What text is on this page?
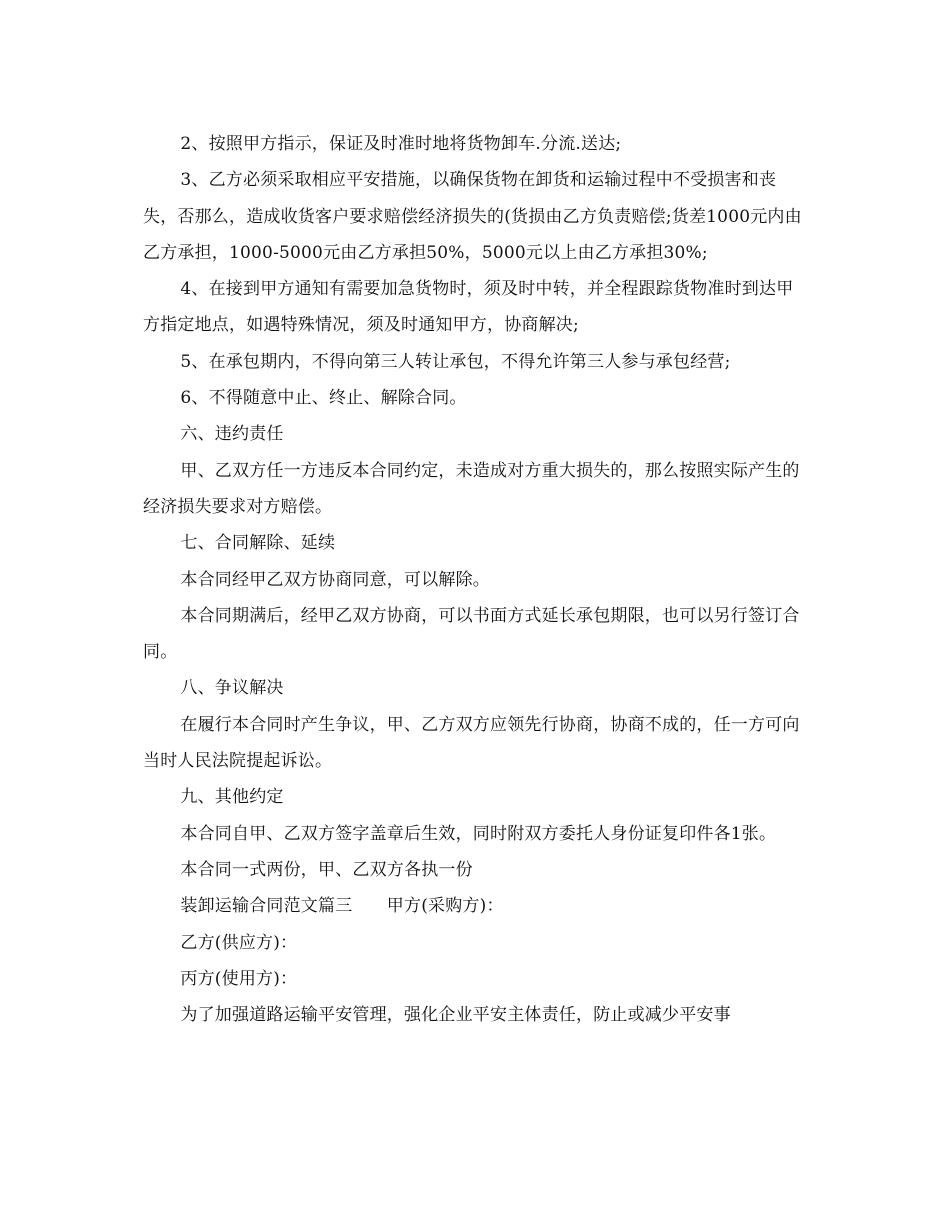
2、按照甲方指示，保证及时准时地将货物卸车.分流.送达;

3、乙方必须采取相应平安措施，以确保货物在卸货和运输过程中不受损害和丧失，否那么，造成收货客户要求赔偿经济损失的(货损由乙方负责赔偿;货差1000元内由乙方承担，1000-5000元由乙方承担50%，5000元以上由乙方承担30%;

4、在接到甲方通知有需要加急货物时，须及时中转，并全程跟踪货物准时到达甲方指定地点，如遇特殊情况，须及时通知甲方，协商解决;

5、在承包期内，不得向第三人转让承包，不得允许第三人参与承包经营;

6、不得随意中止、终止、解除合同。

六、违约责任

甲、乙双方任一方违反本合同约定，未造成对方重大损失的，那么按照实际产生的经济损失要求对方赔偿。

七、合同解除、延续

本合同经甲乙双方协商同意，可以解除。

本合同期满后，经甲乙双方协商，可以书面方式延长承包期限，也可以另行签订合同。

八、争议解决

在履行本合同时产生争议，甲、乙方双方应领先行协商，协商不成的，任一方可向当时人民法院提起诉讼。

九、其他约定

本合同自甲、乙双方签字盖章后生效，同时附双方委托人身份证复印件各1张。

本合同一式两份，甲、乙双方各执一份

装卸运输合同范文篇三　　甲方(采购方)：

乙方(供应方)：

丙方(使用方)：

为了加强道路运输平安管理，强化企业平安主体责任，防止或减少平安事
